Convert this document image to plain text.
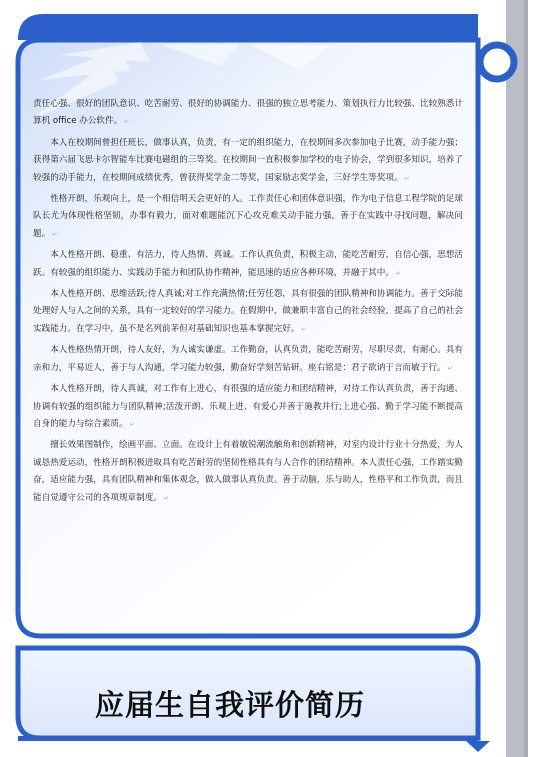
责任心强、很好的团队意识、吃苦耐劳、很好的协调能力、很强的独立思考能力、策划执行力比较强、比较熟悉计算机 office 办公软件。 ↵

本人在校期间曾担任班长，做事认真，负责，有一定的组织能力，在校期间多次参加电子比赛，动手能力强；获得第六届飞思卡尔智能车比赛电磁组的三等奖。在校期间一直积极参加学校的电子协会，学到很多知识，培养了较强的动手能力，在校期间成绩优秀，曾获得奖学金二等奖，国家励志奖学金，三好学生等奖项。 ↵

性格开朗，乐观向上，是一个相信明天会更好的人。工作责任心和团体意识强，作为电子信息工程学院的足球队长尤为体现性格坚韧，办事有毅力，面对难题能沉下心攻克难关动手能力强，善于在实践中寻找问题，解决问题。 ↵

本人性格开朗、稳重、有活力，待人热情、真诚。工作认真负责，积极主动，能吃苦耐劳，自信心强，思想活跃。有较强的组织能力、实践动手能力和团队协作精神，能迅速的适应各种环境，并融于其中。 ↵

本人性格开朗、思维活跃;待人真诚;对工作充满热情;任劳任怨，具有很强的团队精神和协调能力。善于交际能处理好人与人之间的关系，具有一定较好的学习能力。在假期中，做兼职丰富自己的社会经验，提高了自己的社会实践能力。在学习中，虽不是名列前茅但对基础知识也基本掌握完好。 ↵

本人性格热情开朗，待人友好，为人诚实谦虚。工作勤奋，认真负责，能吃苦耐劳，尽职尽责，有耐心。具有亲和力，平易近人，善于与人沟通，学习能力较强，勤奋好学刻苦钻研。座右铭是：君子欲讷于言而敏于行。 ↵

本人性格开朗，待人真诚，对工作有上进心，有很强的适应能力和团结精神，对待工作认真负责，善于沟通、协调有较强的组织能力与团队精神;活泼开朗、乐观上进、有爱心并善于施教并行;上进心强、勤于学习能不断提高自身的能力与综合素质。 ↵

擅长效果图制作，绘画平面、立面。在设计上有着敏锐潮流触角和创新精神，对室内设计行业十分热爱，为人诚恳热爱运动，性格开朗积极进取具有吃苦耐劳的坚韧性格具有与人合作的团结精神。本人责任心强，工作踏实勤奋，适应能力强，具有团队精神和集体观念，做人做事认真负责。善于动脑，乐与助人，性格平和工作负责，而且能自觉遵守公司的各项规章制度。 ↵

应届生自我评价简历
